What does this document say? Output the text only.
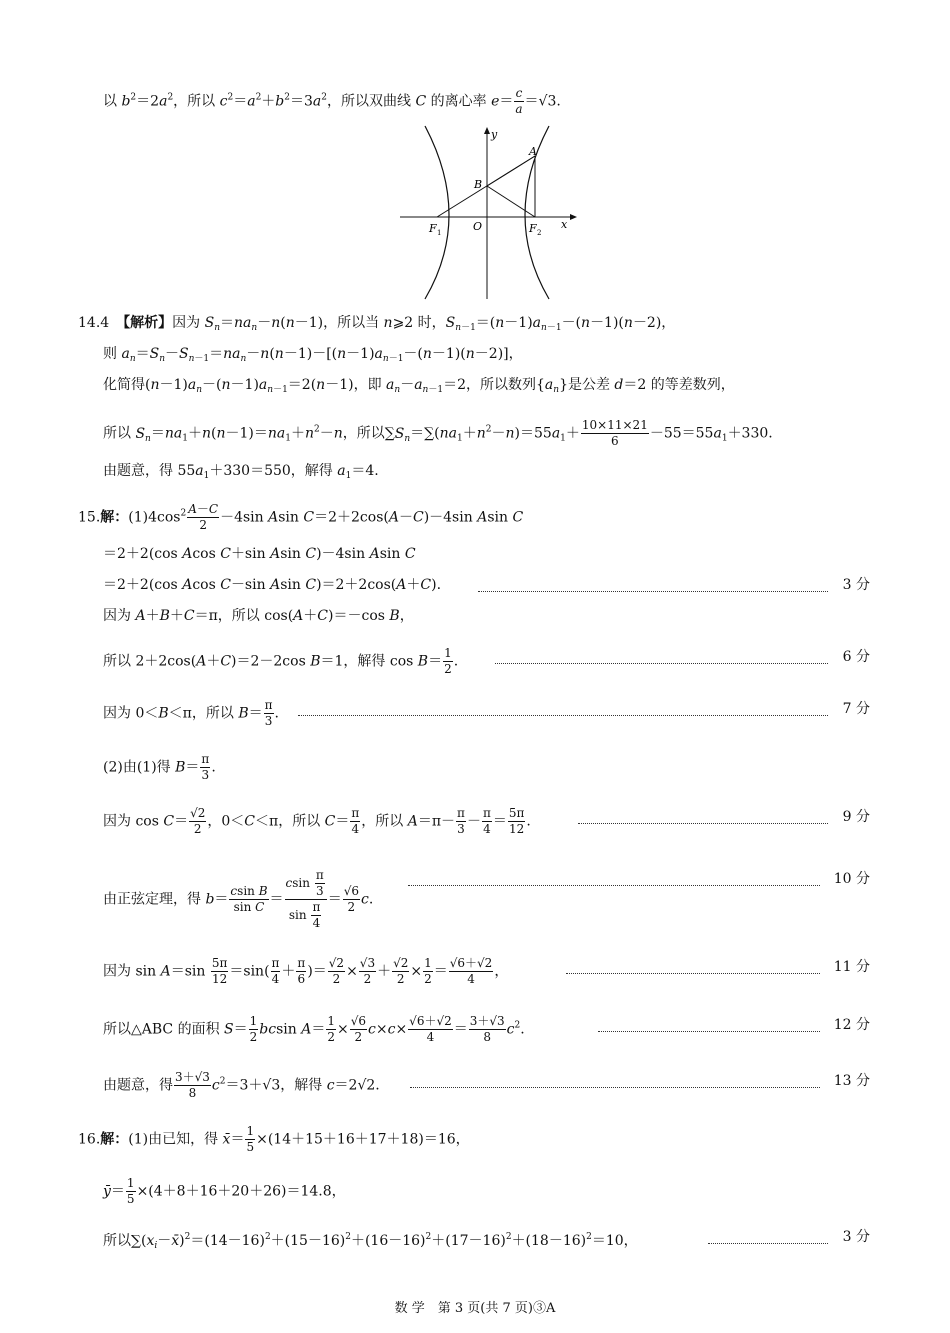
以 $b^2=2a^2$，所以 $c^2=a^2+b^2=3a^2$，所以双曲线 C 的离心率 $e= \frac{c}{a} =√3$.
y
x
A
B
O
F 1	F 2
14.4　 【解析】因为 $S_n=na_n-n(n-1)$，所以当 n⩾2 时，$S_{n-1}=(n-1)a_{n-1}-(n-1)(n-2)$，
则 $a_n=S_n-S_{n-1}=na_n-n(n-1)-[(n-1)a_{n-1}-(n-1)(n-2)]$，
化简得$(n-1)a_n-(n-1)a_{n-1}=2(n-1)$，即 $a_n-a_{n-1}=2$，所以数列$\{a_n\}$是公差 d＝2 的等差数列，
所以 $S_n=na_1+n(n-1)=na_1+n^2-n$，所以$\sum S_n=\sum(na_1+n^2-n)=55a_1+ \frac{10\times 11\times 21}{6} -55=55a_1+330$.
由题意，得 $55a_1+330=550$，解得 $a_1=4$.
15.解：$(1)4\cos^2 \frac{A-C}{2} -4\sin$ Asin C＝2＋2cos(A－C)－4sin Asin C
＝2＋2(cos Acos C＋sin Asin C)－4sin Asin C
＝2＋2(cos Acos C－sin Asin C)＝2＋2cos(A＋C).	3 分
因为 A＋B＋C＝π，所以 cos(A＋C)＝－cos B，
所以 2＋2cos(A＋C)＝2－2cos B＝1，解得 $\cos B= \frac{1}{2}$ .	6 分
因为 0＜B＜π，所以 $B= \frac{\pi}{3}$ .	7 分
(2)由(1)得 $B= \frac{\pi}{3}$ .
因为 $\cos C= \frac{√2}{2}$ ，0＜C＜π，所以 $C= \frac{\pi}{4}$ ，所以 $A=\pi- \frac{\pi}{3} - \frac{\pi}{4} = \frac{5\pi}{12}$ .	9 分
由正弦定理，得 $b= \frac{\text{csin B}}{\text{sin C}} = \frac{csin \frac{\pi}{3}}{\sin \frac{\pi}{4}} = \frac{√6}{2} c$.
10 分
因为 $\sin A=\sin \frac{5\pi}{12} =\sin( \frac{\pi}{4} + \frac{\pi}{6}$ )＝ $\frac{√2}{2} \times \frac{√3}{2} + \frac{√2}{2} \times \frac{1}{2} = \frac{√6+√2}{4}$ ，	11 分
所以△ABC 的面积 $S= \frac{1}{2}$ bcsin $A= \frac{1}{2} \times \frac{√6}{2} c\times c\times \frac{√6+√2}{4} = \frac{3+√3}{8} c^2$.	12 分
由题意，得 $\frac{3+√3}{8} c^2=3+√3$，解得 c＝2√2.	13 分
16.解：(1)由已知，得 x̄＝ $\frac{1}{5} \times(14+15+16+17+18)=16$，
ȳ＝ $\frac{1}{5} \times(4+8+16+20+26)=14.8$，
所以$\sum(x_i-x̄)^2=(14-16)^2+(15-16)^2+(16-16)^2+(17-16)^2+(18-16)^2=10$，	3 分
数 学　第 3 页(共 7 页)③A
